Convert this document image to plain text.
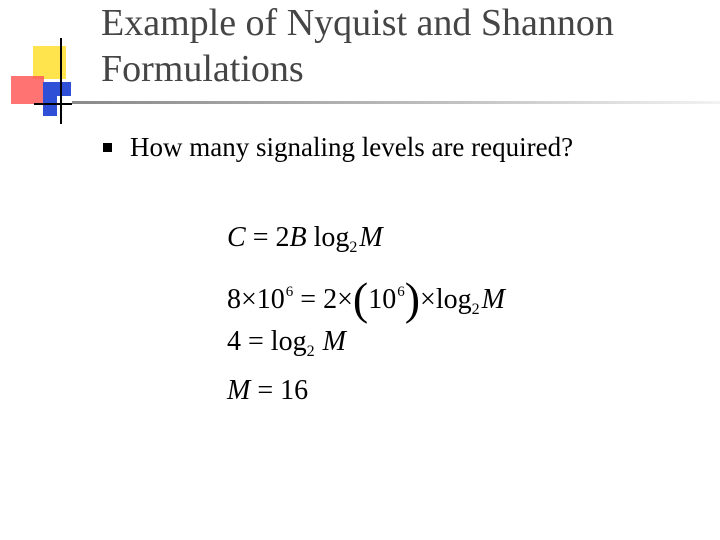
Example of Nyquist and Shannon
Formulations
How many signaling levels are required?
C = 2B $\log_2M$
$8\times 10^6 = 2\times(10^6)\times\log_2M$
$4 = \log_2 M$
M = 16
